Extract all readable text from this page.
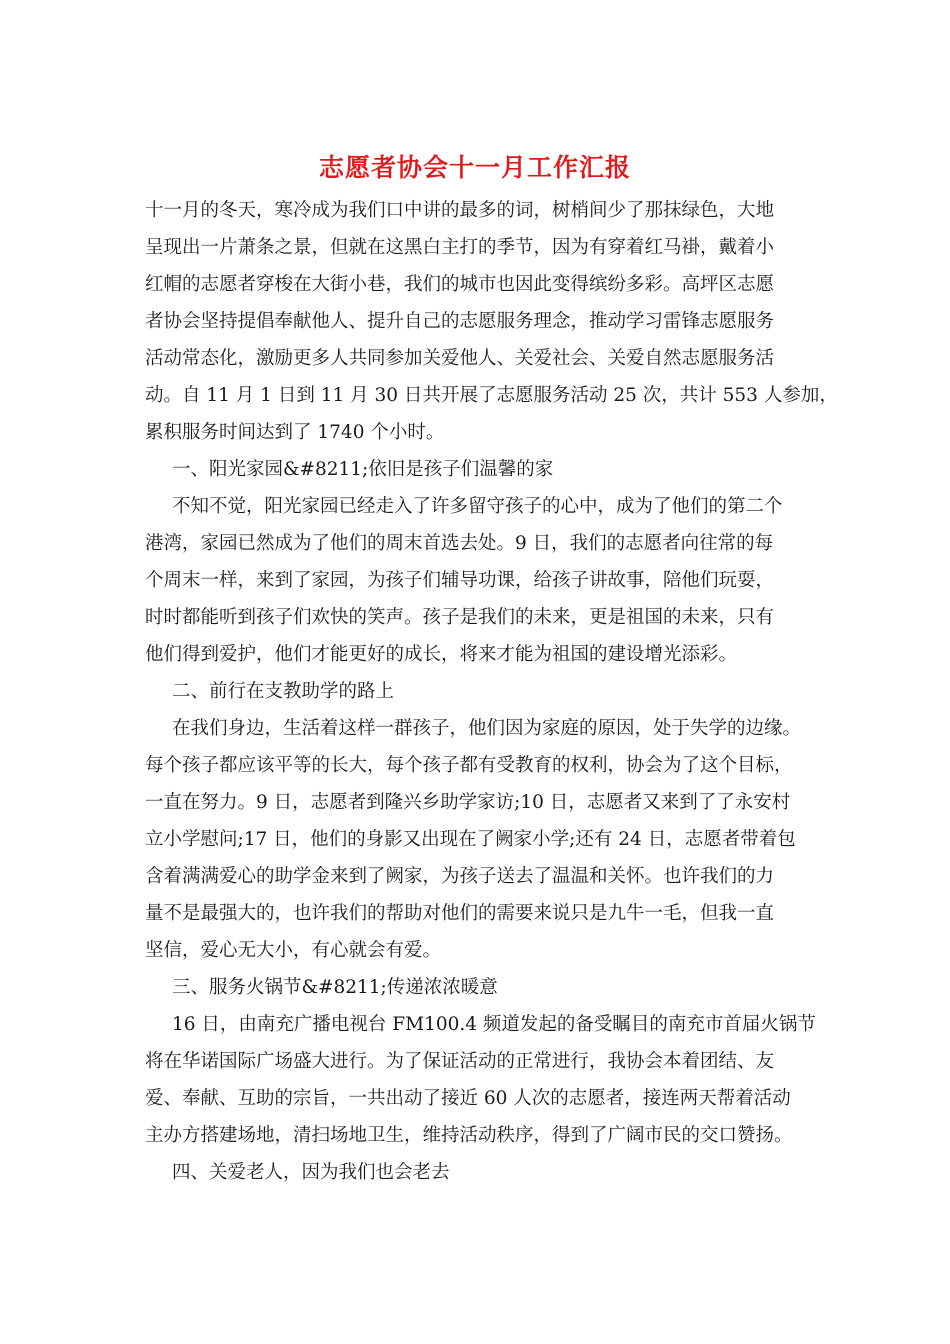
志愿者协会十一月工作汇报
十一月的冬天，寒冷成为我们口中讲的最多的词，树梢间少了那抹绿色，大地
呈现出一片萧条之景，但就在这黑白主打的季节，因为有穿着红马褂，戴着小
红帽的志愿者穿梭在大街小巷，我们的城市也因此变得缤纷多彩。高坪区志愿
者协会坚持提倡奉献他人、提升自己的志愿服务理念，推动学习雷锋志愿服务
活动常态化，激励更多人共同参加关爱他人、关爱社会、关爱自然志愿服务活
动。自 11 月 1 日到 11 月 30 日共开展了志愿服务活动 25 次，共计 553 人参加，
累积服务时间达到了 1740 个小时。
一、阳光家园&#8211;依旧是孩子们温馨的家
不知不觉，阳光家园已经走入了许多留守孩子的心中，成为了他们的第二个
港湾，家园已然成为了他们的周末首选去处。9 日，我们的志愿者向往常的每
个周末一样，来到了家园，为孩子们辅导功课，给孩子讲故事，陪他们玩耍，
时时都能听到孩子们欢快的笑声。孩子是我们的未来，更是祖国的未来，只有
他们得到爱护，他们才能更好的成长，将来才能为祖国的建设增光添彩。
二、前行在支教助学的路上
在我们身边，生活着这样一群孩子，他们因为家庭的原因，处于失学的边缘。
每个孩子都应该平等的长大，每个孩子都有受教育的权利，协会为了这个目标，
一直在努力。9 日，志愿者到隆兴乡助学家访;10 日，志愿者又来到了了永安村
立小学慰问;17 日，他们的身影又出现在了阙家小学;还有 24 日，志愿者带着包
含着满满爱心的助学金来到了阙家，为孩子送去了温温和关怀。也许我们的力
量不是最强大的，也许我们的帮助对他们的需要来说只是九牛一毛，但我一直
坚信，爱心无大小，有心就会有爱。
三、服务火锅节&#8211;传递浓浓暖意
16 日，由南充广播电视台 FM100.4 频道发起的备受瞩目的南充市首届火锅节
将在华诺国际广场盛大进行。为了保证活动的正常进行，我协会本着团结、友
爱、奉献、互助的宗旨，一共出动了接近 60 人次的志愿者，接连两天帮着活动
主办方搭建场地，清扫场地卫生，维持活动秩序，得到了广阔市民的交口赞扬。
四、关爱老人，因为我们也会老去
